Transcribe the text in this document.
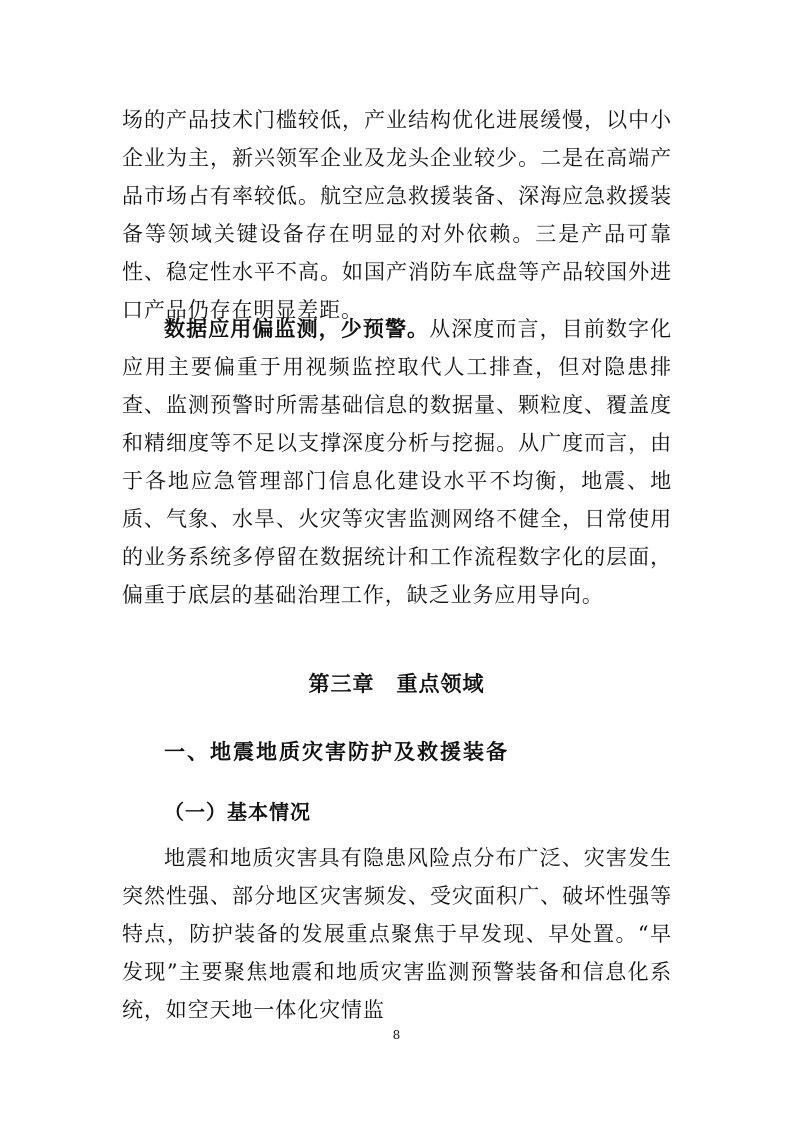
场的产品技术门槛较低，产业结构优化进展缓慢，以中小企业为主，新兴领军企业及龙头企业较少。二是在高端产品市场占有率较低。航空应急救援装备、深海应急救援装备等领域关键设备存在明显的对外依赖。三是产品可靠性、稳定性水平不高。如国产消防车底盘等产品较国外进口产品仍存在明显差距。

数据应用偏监测，少预警。从深度而言，目前数字化应用主要偏重于用视频监控取代人工排查，但对隐患排查、监测预警时所需基础信息的数据量、颗粒度、覆盖度和精细度等不足以支撑深度分析与挖掘。从广度而言，由于各地应急管理部门信息化建设水平不均衡，地震、地质、气象、水旱、火灾等灾害监测网络不健全，日常使用的业务系统多停留在数据统计和工作流程数字化的层面，偏重于底层的基础治理工作，缺乏业务应用导向。

第三章　重点领域
一、地震地质灾害防护及救援装备
（一）基本情况

地震和地质灾害具有隐患风险点分布广泛、灾害发生突然性强、部分地区灾害频发、受灾面积广、破坏性强等特点，防护装备的发展重点聚焦于早发现、早处置。“早发现”主要聚焦地震和地质灾害监测预警装备和信息化系统，如空天地一体化灾情监

8
